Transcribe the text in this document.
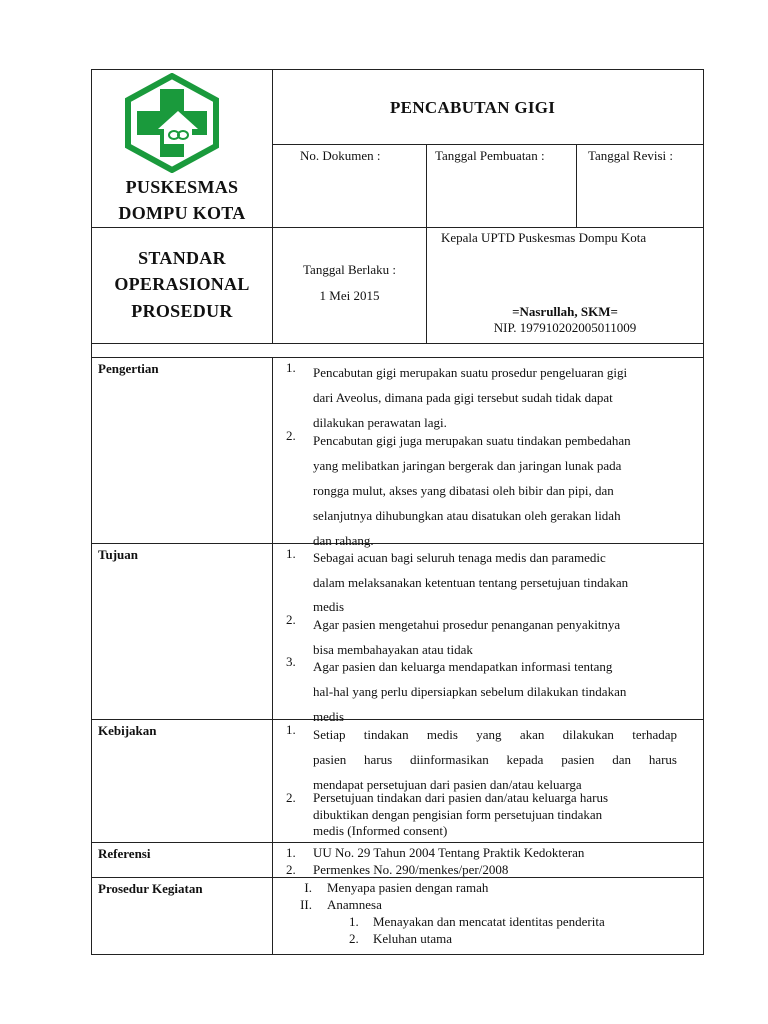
PUSKESMAS
DOMPU KOTA
PENCABUTAN GIGI
No. Dokumen :	Tanggal Pembuatan :	Tanggal Revisi :
STANDAR
OPERASIONAL
PROSEDUR
Tanggal Berlaku :
1 Mei 2015
Kepala UPTD Puskesmas Dompu Kota
=Nasrullah, SKM=
NIP. 197910202005011009
Pengertian
Tujuan
Kebijakan
Referensi
Prosedur Kegiatan
1. Pencabutan gigi merupakan suatu prosedur pengeluaran gigi
dari Aveolus, dimana pada gigi tersebut sudah tidak dapat
dilakukan perawatan lagi.
2. Pencabutan gigi juga merupakan suatu tindakan pembedahan
yang melibatkan jaringan bergerak dan jaringan lunak pada
rongga mulut, akses yang dibatasi oleh bibir dan pipi, dan
selanjutnya dihubungkan atau disatukan oleh gerakan lidah
dan rahang.
1. Sebagai acuan bagi seluruh tenaga medis dan paramedic
dalam melaksanakan ketentuan tentang persetujuan tindakan
medis
2. Agar pasien mengetahui prosedur penanganan penyakitnya
bisa membahayakan atau tidak
3. Agar pasien dan keluarga mendapatkan informasi tentang
hal-hal yang perlu dipersiapkan sebelum dilakukan tindakan
medis
1. Setiap tindakan medis yang akan dilakukan terhadap
pasien harus diinformasikan kepada pasien dan harus
mendapat persetujuan dari pasien dan/atau keluarga
2. Persetujuan tindakan dari pasien dan/atau keluarga harus
dibuktikan dengan pengisian form persetujuan tindakan
medis (Informed consent)
1. UU No. 29 Tahun 2004 Tentang Praktik Kedokteran
2. Permenkes No. 290/menkes/per/2008
I. Menyapa pasien dengan ramah
II. Anamnesa
1. Menayakan dan mencatat identitas penderita
2. Keluhan utama
